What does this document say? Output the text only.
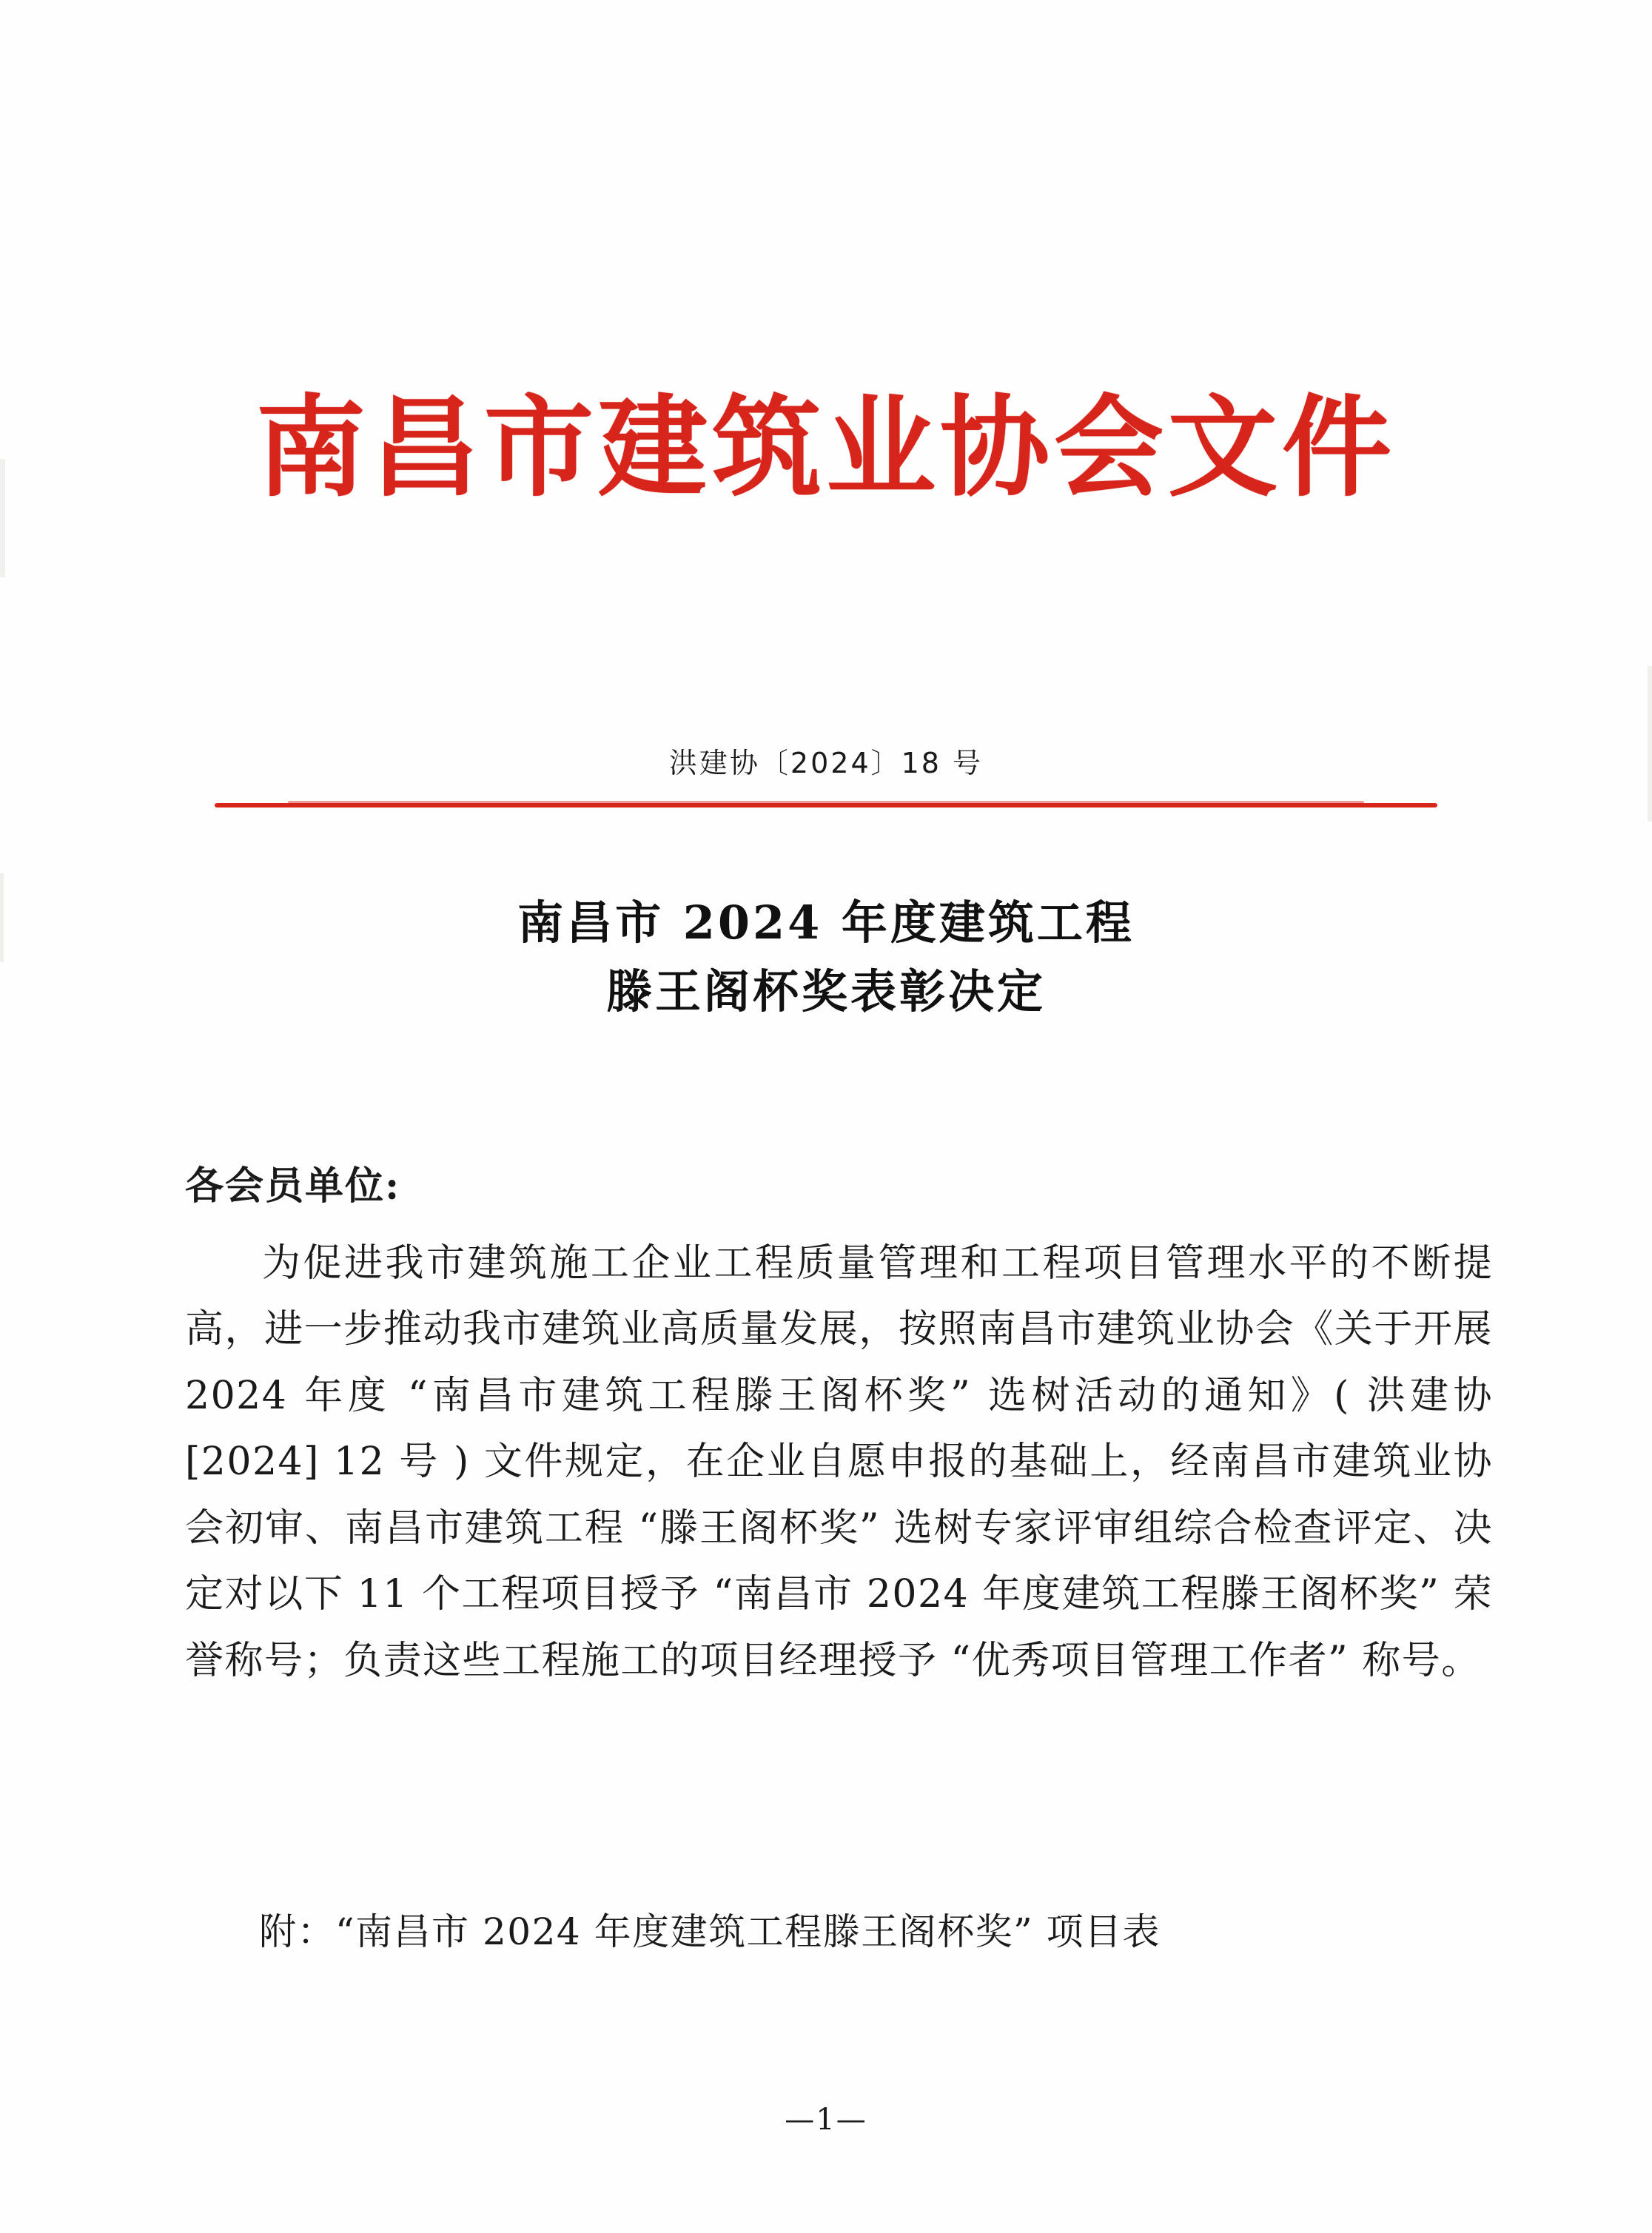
南昌市建筑业协会文件
洪建协〔2024〕18 号
南昌市 2024 年度建筑工程
滕王阁杯奖表彰决定
各会员单位:

为促进我市建筑施工企业工程质量管理和工程项目管理水平的不断提高，进一步推动我市建筑业高质量发展，按照南昌市建筑业协会《关于开展 2024 年度 “南昌市建筑工程滕王阁杯奖” 选树活动的通知》( 洪建协 [2024] 12 号 ) 文件规定，在企业自愿申报的基础上，经南昌市建筑业协会初审、南昌市建筑工程 “滕王阁杯奖” 选树专家评审组综合检查评定、决定对以下 11 个工程项目授予 “南昌市 2024 年度建筑工程滕王阁杯奖” 荣誉称号；负责这些工程施工的项目经理授予 “优秀项目管理工作者” 称号。

附：“南昌市 2024 年度建筑工程滕王阁杯奖” 项目表
—1—
